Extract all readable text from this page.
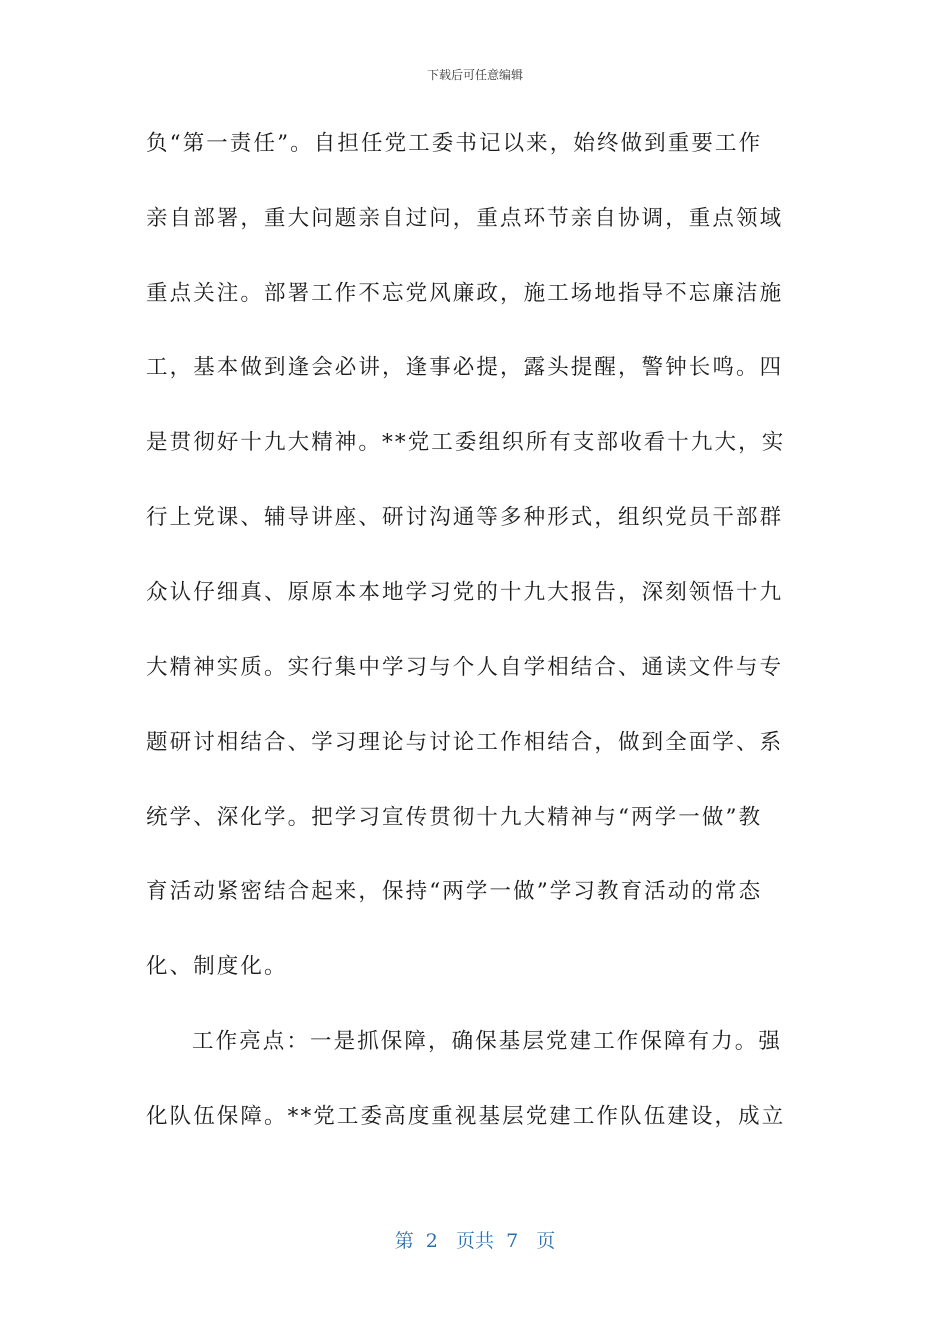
下载后可任意编辑
负“第一责任”。自担任党工委书记以来，始终做到重要工作
亲自部署，重大问题亲自过问，重点环节亲自协调，重点领域
重点关注。部署工作不忘党风廉政，施工场地指导不忘廉洁施
工，基本做到逢会必讲，逢事必提，露头提醒，警钟长鸣。四
是贯彻好十九大精神。**党工委组织所有支部收看十九大，实
行上党课、辅导讲座、研讨沟通等多种形式，组织党员干部群
众认仔细真、原原本本地学习党的十九大报告，深刻领悟十九
大精神实质。实行集中学习与个人自学相结合、通读文件与专
题研讨相结合、学习理论与讨论工作相结合，做到全面学、系
统学、深化学。把学习宣传贯彻十九大精神与“两学一做”教
育活动紧密结合起来，保持“两学一做”学习教育活动的常态
化、制度化。
工作亮点：一是抓保障，确保基层党建工作保障有力。强
化队伍保障。**党工委高度重视基层党建工作队伍建设，成立
第  2   页共  7   页
